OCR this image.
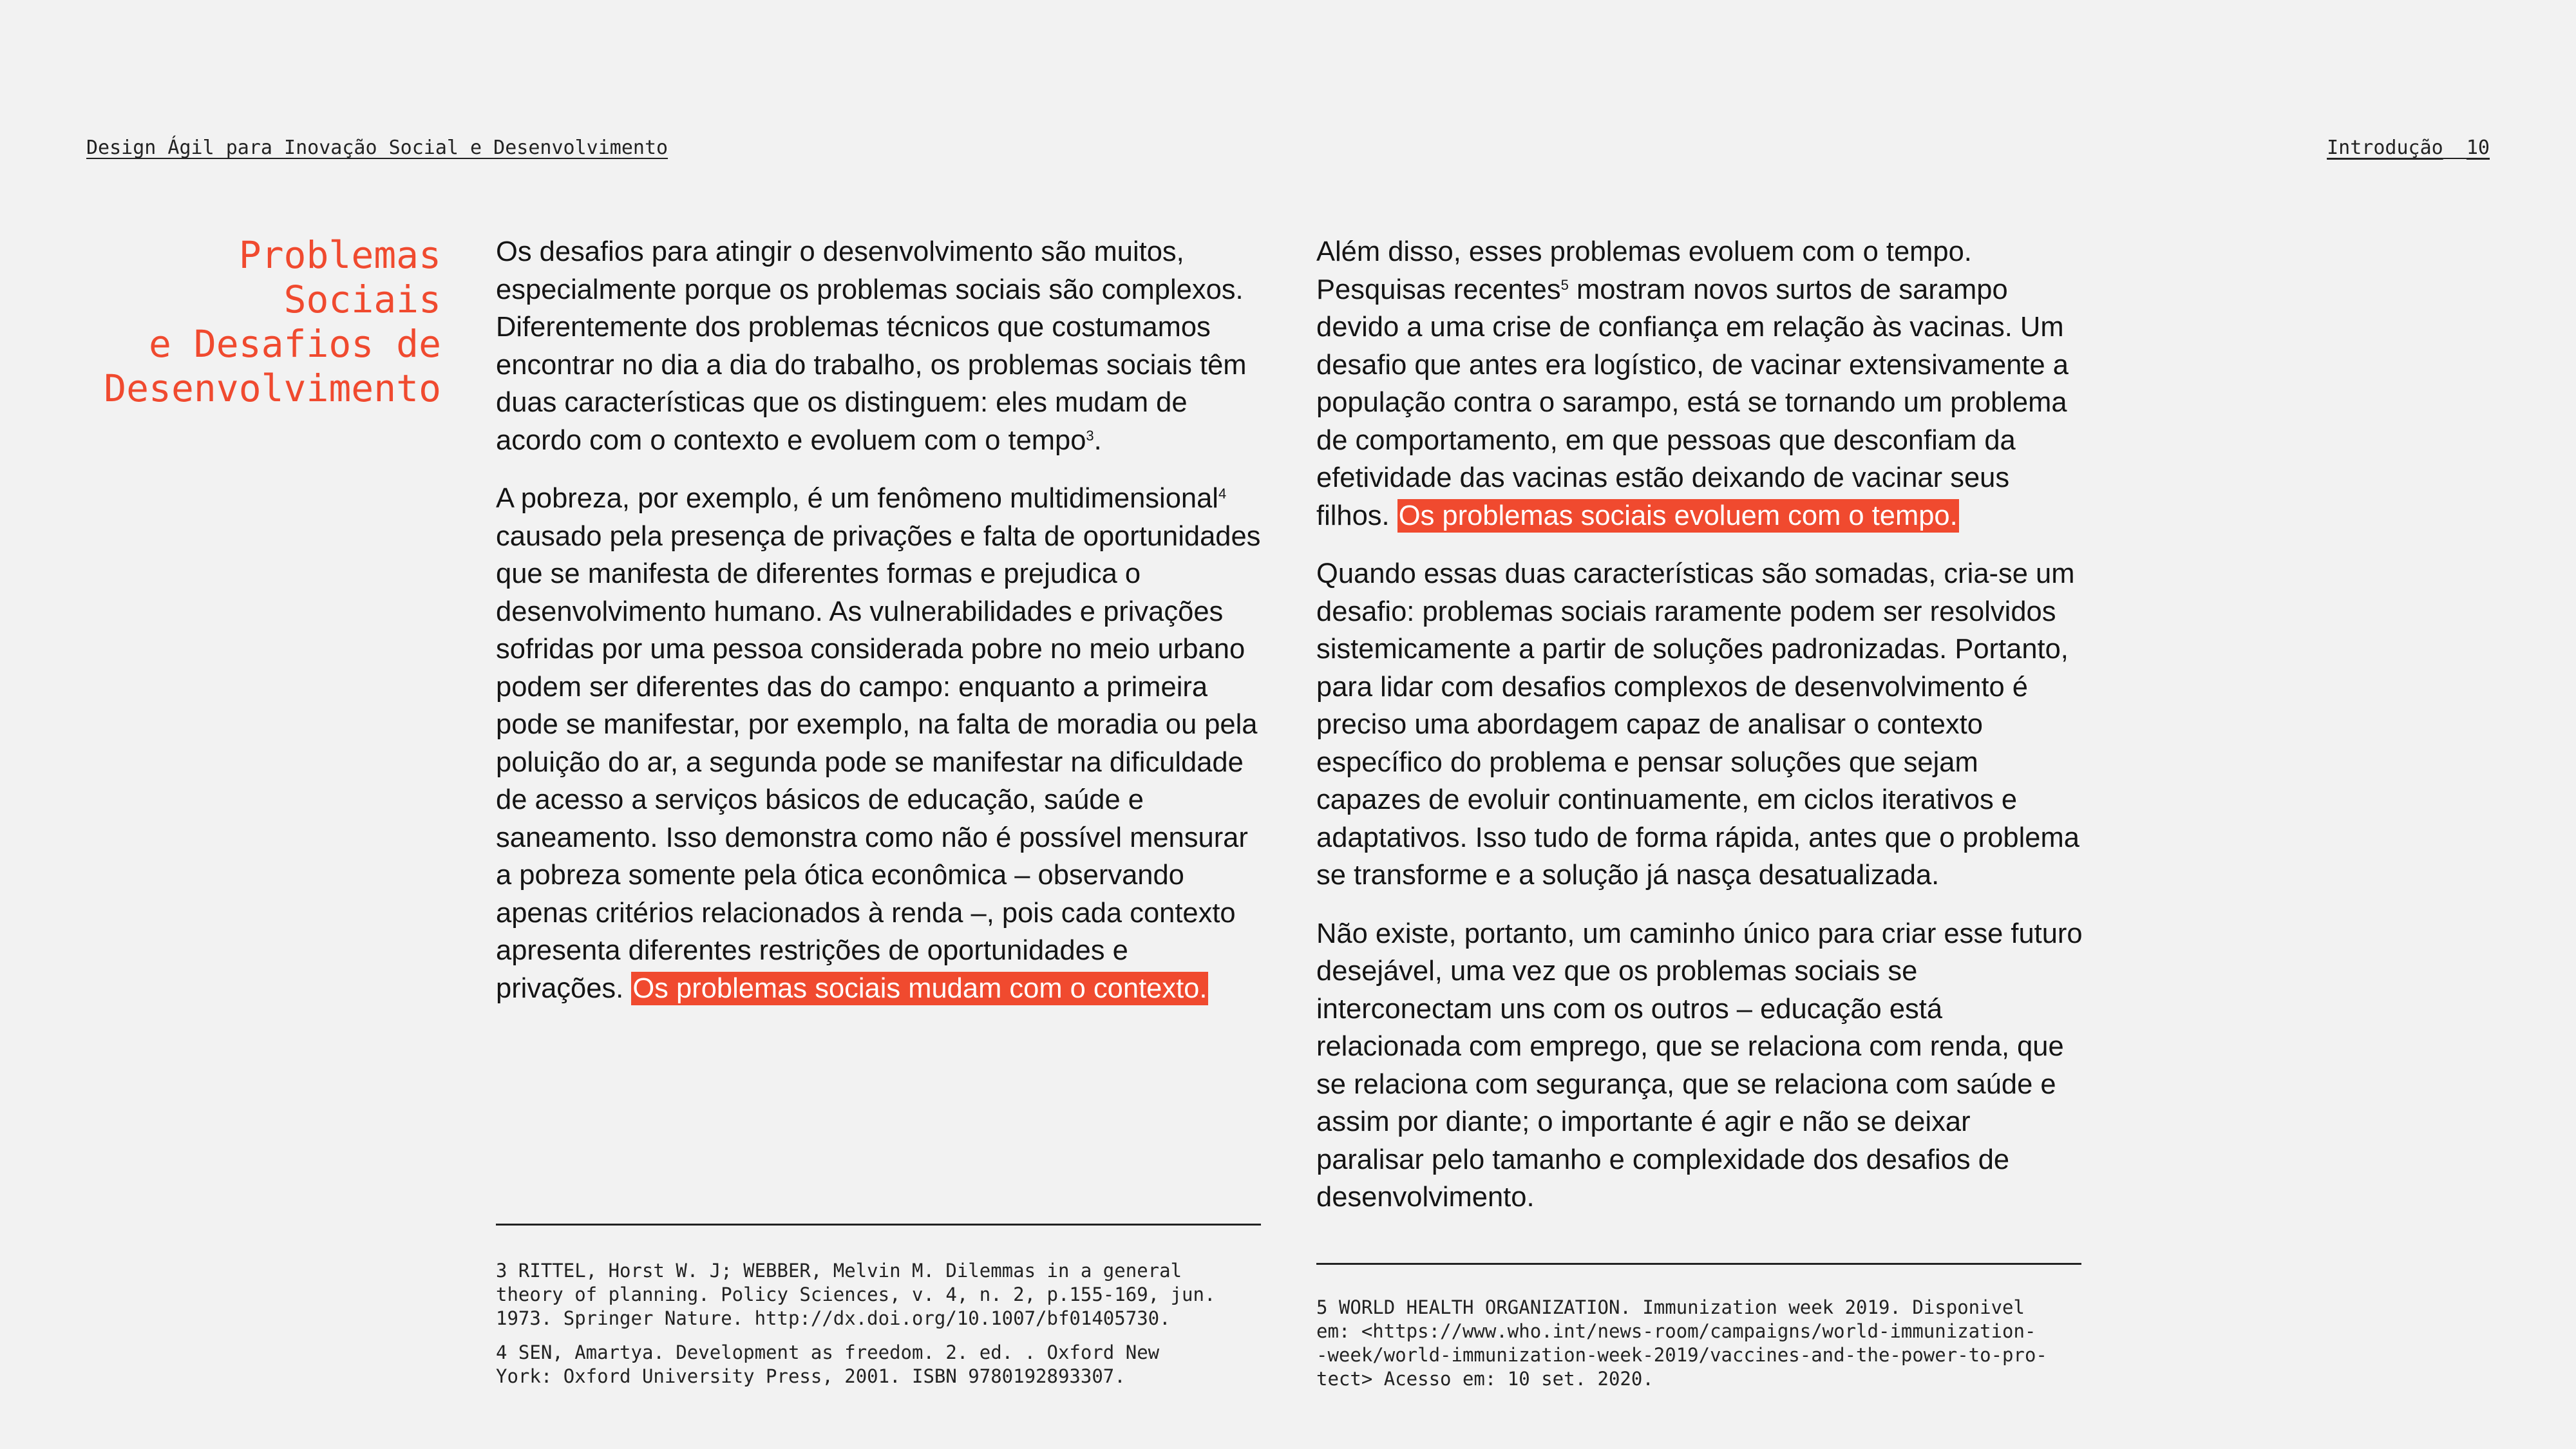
Design Ágil para Inovação Social e Desenvolvimento	Introdução 10
Problemas Sociais
e Desafios de
Desenvolvimento

Os desafios para atingir o desenvolvimento são muitos, especialmente porque os problemas sociais são complexos. Diferentemente dos problemas técnicos que costumamos encontrar no dia a dia do trabalho, os problemas sociais têm duas características que os distinguem: eles mudam de acordo com o contexto e evoluem com o tempo$^3$.

A pobreza, por exemplo, é um fenômeno multidimensional$^4$ causado pela presença de privações e falta de oportunidades que se manifesta de diferentes formas e prejudica o desenvolvimento humano. As vulnerabilidades e privações sofridas por uma pessoa considerada pobre no meio urbano podem ser diferentes das do campo: enquanto a primeira pode se manifestar, por exemplo, na falta de moradia ou pela poluição do ar, a segunda pode se manifestar na dificuldade de acesso a serviços básicos de educação, saúde e saneamento. Isso demonstra como não é possível mensurar a pobreza somente pela ótica econômica – observando apenas critérios relacionados à renda –, pois cada contexto apresenta diferentes restrições de oportunidades e privações. Os problemas sociais mudam com o contexto.

Além disso, esses problemas evoluem com o tempo. Pesquisas recentes$^5$ mostram novos surtos de sarampo devido a uma crise de confiança em relação às vacinas. Um desafio que antes era logístico, de vacinar extensivamente a população contra o sarampo, está se tornando um problema de comportamento, em que pessoas que desconfiam da efetividade das vacinas estão deixando de vacinar seus filhos. Os problemas sociais evoluem com o tempo.

Quando essas duas características são somadas, cria-se um desafio: problemas sociais raramente podem ser resolvidos sistemicamente a partir de soluções padronizadas. Portanto, para lidar com desafios complexos de desenvolvimento é preciso uma abordagem capaz de analisar o contexto específico do problema e pensar soluções que sejam capazes de evoluir continuamente, em ciclos iterativos e adaptativos. Isso tudo de forma rápida, antes que o problema se transforme e a solução já nasça desatualizada.

Não existe, portanto, um caminho único para criar esse futuro desejável, uma vez que os problemas sociais se interconectam uns com os outros – educação está relacionada com emprego, que se relaciona com renda, que se relaciona com segurança, que se relaciona com saúde e assim por diante; o importante é agir e não se deixar paralisar pelo tamanho e complexidade dos desafios de desenvolvimento.

3 RITTEL, Horst W. J; WEBBER, Melvin M. Dilemmas in a general
theory of planning. Policy Sciences, v. 4, n. 2, p.155-169, jun.
1973. Springer Nature. http://dx.doi.org/10.1007/bf01405730.

4 SEN, Amartya. Development as freedom. 2. ed. . Oxford New
York: Oxford University Press, 2001. ISBN 9780192893307.

5 WORLD HEALTH ORGANIZATION. Immunization week 2019. Disponivel
em: <https://www.who.int/news-room/campaigns/world-immunization-
-week/world-immunization-week-2019/vaccines-and-the-power-to-pro-
tect> Acesso em: 10 set. 2020.
